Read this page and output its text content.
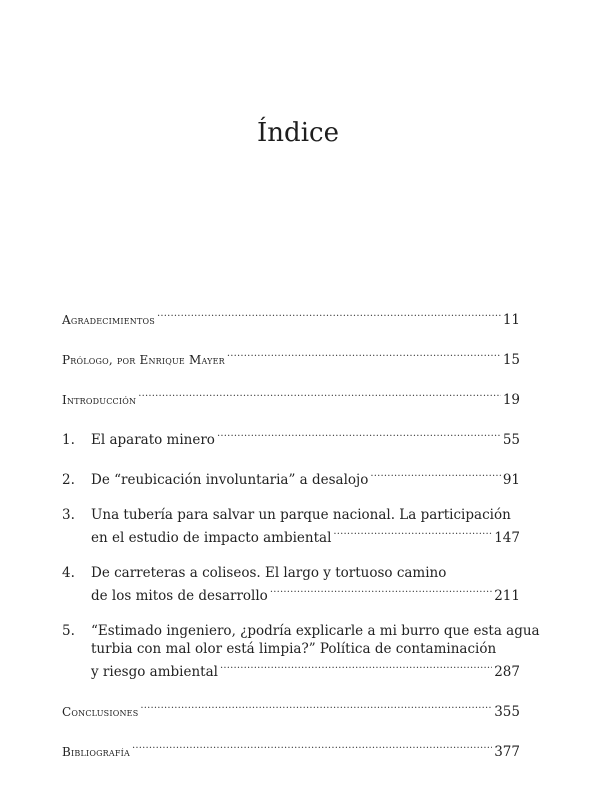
Índice
Agradecimientos .....	11
Prólogo, por Enrique Mayer .....	15
Introducción .....	19
1.	El aparato minero .....	55
2.	De “reubicación involuntaria” a desalojo .....	91
3.	Una tubería para salvar un parque nacional. La participación
en el estudio de impacto ambiental .....	147
4.	De carreteras a coliseos. El largo y tortuoso camino
de los mitos de desarrollo .....	211
5.	“Estimado ingeniero, ¿podría explicarle a mi burro que esta agua
turbia con mal olor está limpia?” Política de contaminación
y riesgo ambiental .....	287
Conclusiones .....	355
Bibliografía .....	377
